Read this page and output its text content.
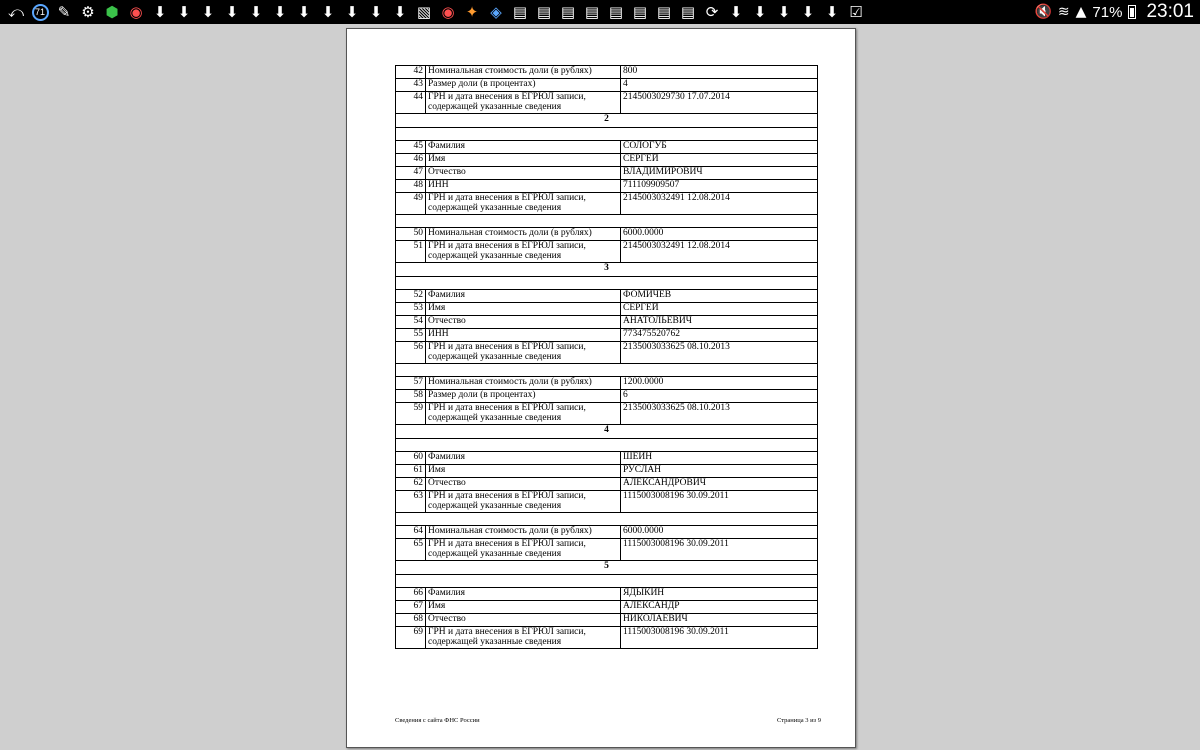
⤺	71 ✎ ⚙ ⬢ ◉ ⬇ ⬇ ⬇ ⬇ ⬇ ⬇ ⬇ ⬇ ⬇ ⬇ ⬇ ▧ ◉ ✦ ◈ ▤ ▤ ▤ ▤ ▤ ▤ ▤ ▤ ⟳ ⬇ ⬇ ⬇ ⬇ ⬇ ☑	🔇 ≋ ▲ 71% 23:01
42	Номинальная стоимость доли (в рублях)	800
43	Размер доли (в процентах)	4
44	ГРН и дата внесения в ЕГРЮЛ записи, содержащей указанные сведения	2145003029730 17.07.2014
2		

45	Фамилия	СОЛОГУБ
46	Имя	СЕРГЕЙ
47	Отчество	ВЛАДИМИРОВИЧ
48	ИНН	711109909507
49	ГРН и дата внесения в ЕГРЮЛ записи, содержащей указанные сведения	2145003032491 12.08.2014

50	Номинальная стоимость доли (в рублях)	6000.0000
51	ГРН и дата внесения в ЕГРЮЛ записи, содержащей указанные сведения	2145003032491 12.08.2014
3		

52	Фамилия	ФОМИЧЕВ
53	Имя	СЕРГЕЙ
54	Отчество	АНАТОЛЬЕВИЧ
55	ИНН	773475520762
56	ГРН и дата внесения в ЕГРЮЛ записи, содержащей указанные сведения	2135003033625 08.10.2013

57	Номинальная стоимость доли (в рублях)	1200.0000
58	Размер доли (в процентах)	6
59	ГРН и дата внесения в ЕГРЮЛ записи, содержащей указанные сведения	2135003033625 08.10.2013
4		

60	Фамилия	ШЕИН
61	Имя	РУСЛАН
62	Отчество	АЛЕКСАНДРОВИЧ
63	ГРН и дата внесения в ЕГРЮЛ записи, содержащей указанные сведения	1115003008196 30.09.2011

64	Номинальная стоимость доли (в рублях)	6000.0000
65	ГРН и дата внесения в ЕГРЮЛ записи, содержащей указанные сведения	1115003008196 30.09.2011
5		

66	Фамилия	ЯДЫКИН
67	Имя	АЛЕКСАНДР
68	Отчество	НИКОЛАЕВИЧ
69	ГРН и дата внесения в ЕГРЮЛ записи, содержащей указанные сведения	1115003008196 30.09.2011
Сведения с сайта ФНС России	Страница 3 из 9
